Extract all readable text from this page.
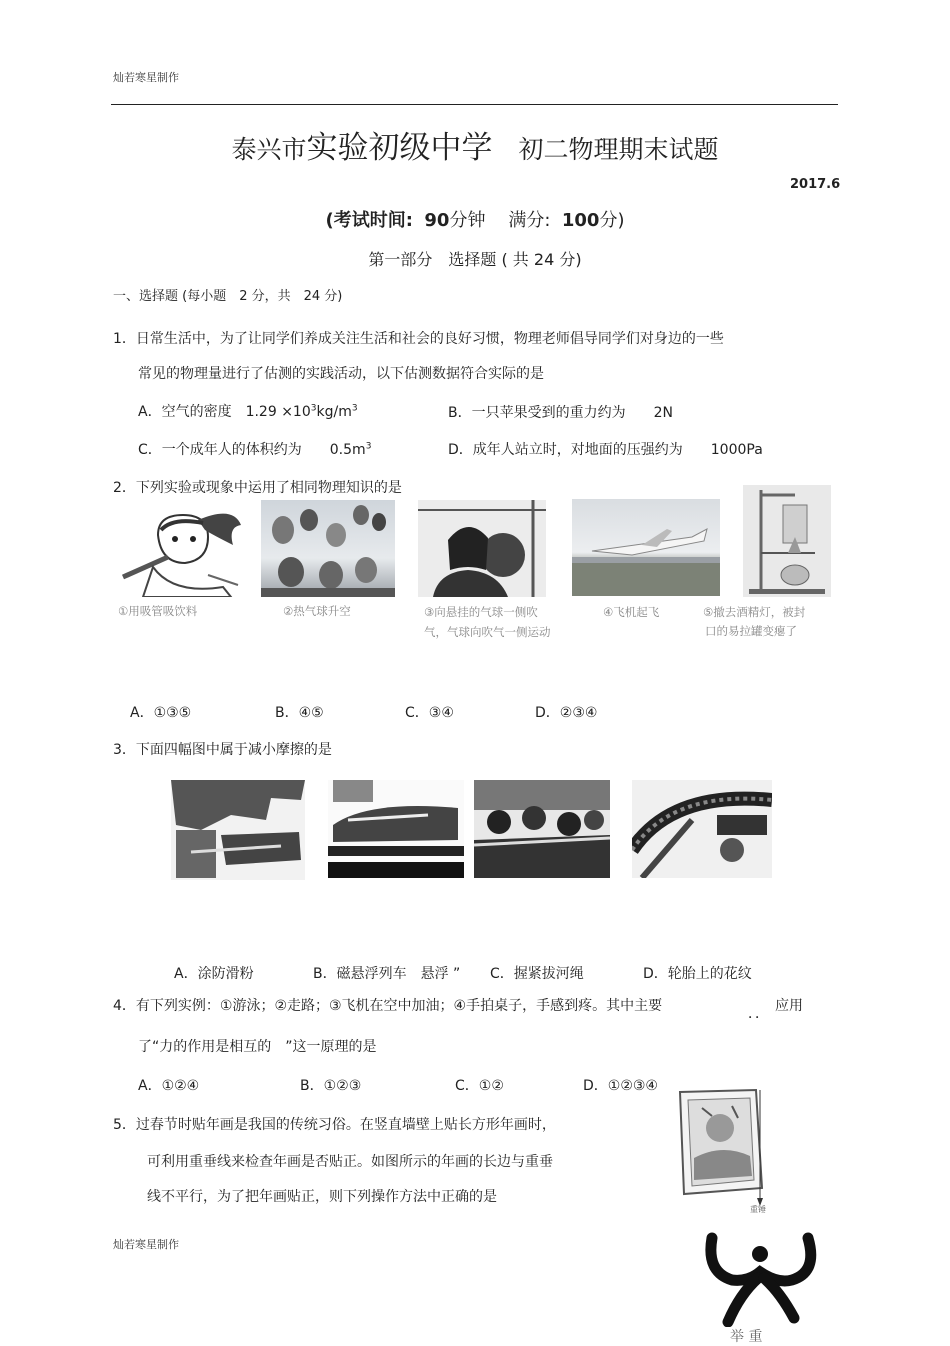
灿若寒星制作
泰兴市实验初级中学 初二物理期末试题
2017.6
(考试时间: 90分钟 满分: 100分)
第一部分　选择题 ( 共 24 分)
一、选择题 (每小题　2 分，共　24 分)
1．日常生活中，为了让同学们养成关注生活和社会的良好习惯，物理老师倡导同学们对身边的一些
常见的物理量进行了估测的实践活动，以下估测数据符合实际的是
A．空气的密度　$1.29 \times 10^3kg/m^3$	B．一只苹果受到的重力约为　　2N
C．一个成年人的体积约为　　$0.5m^3$	D．成年人站立时，对地面的压强约为　　1000Pa
2．下列实验或现象中运用了相同物理知识的是
①用吸管吸饮料	②热气球升空	③向悬挂的气球一侧吹
气，气球向吹气一侧运动
④飞机起飞	⑤撤去酒精灯，被封
口的易拉罐变瘪了
A．①③⑤	B．④⑤	C．③④	D．②③④
3．下面四幅图中属于减小摩擦的是
A．涂防滑粉	B．磁悬浮列车　悬浮 ” C．握紧拔河绳	D．轮胎上的花纹
4．有下列实例：①游泳；②走路；③飞机在空中加油；④手拍桌子，手感到疼。其中主要	．． 应用
了“力的作用是相互的　”这一原理的是
A．①②④	B．①②③	C．①②	D．①②③④
5．过春节时贴年画是我国的传统习俗。在竖直墙壁上贴长方形年画时，
可利用重垂线来检查年画是否贴正。如图所示的年画的长边与重垂
线不平行，为了把年画贴正，则下列操作方法中正确的是
重锤
举 重
灿若寒星制作
